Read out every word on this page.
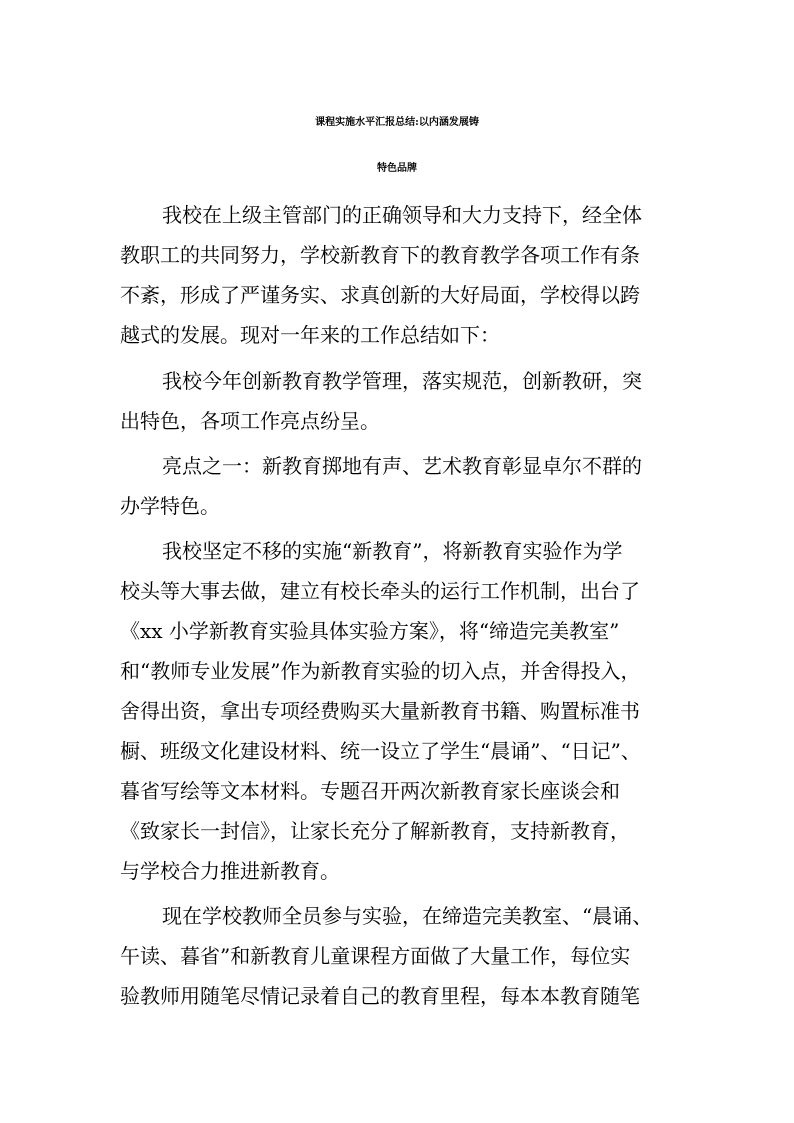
课程实施水平汇报总结:以内涵发展铸
特色品牌
我校在上级主管部门的正确领导和大力支持下，经全体
教职工的共同努力，学校新教育下的教育教学各项工作有条
不紊，形成了严谨务实、求真创新的大好局面，学校得以跨
越式的发展。现对一年来的工作总结如下：
我校今年创新教育教学管理，落实规范，创新教研，突
出特色，各项工作亮点纷呈。
亮点之一：新教育掷地有声、艺术教育彰显卓尔不群的
办学特色。
我校坚定不移的实施“新教育”，将新教育实验作为学
校头等大事去做，建立有校长牵头的运行工作机制，出台了
《xx 小学新教育实验具体实验方案》，将“缔造完美教室”
和“教师专业发展”作为新教育实验的切入点，并舍得投入，
舍得出资，拿出专项经费购买大量新教育书籍、购置标准书
橱、班级文化建设材料、统一设立了学生“晨诵”、“日记”、
暮省写绘等文本材料。专题召开两次新教育家长座谈会和
《致家长一封信》，让家长充分了解新教育，支持新教育，
与学校合力推进新教育。
现在学校教师全员参与实验，在缔造完美教室、“晨诵、
午读、暮省”和新教育儿童课程方面做了大量工作，每位实
验教师用随笔尽情记录着自己的教育里程，每本本教育随笔
